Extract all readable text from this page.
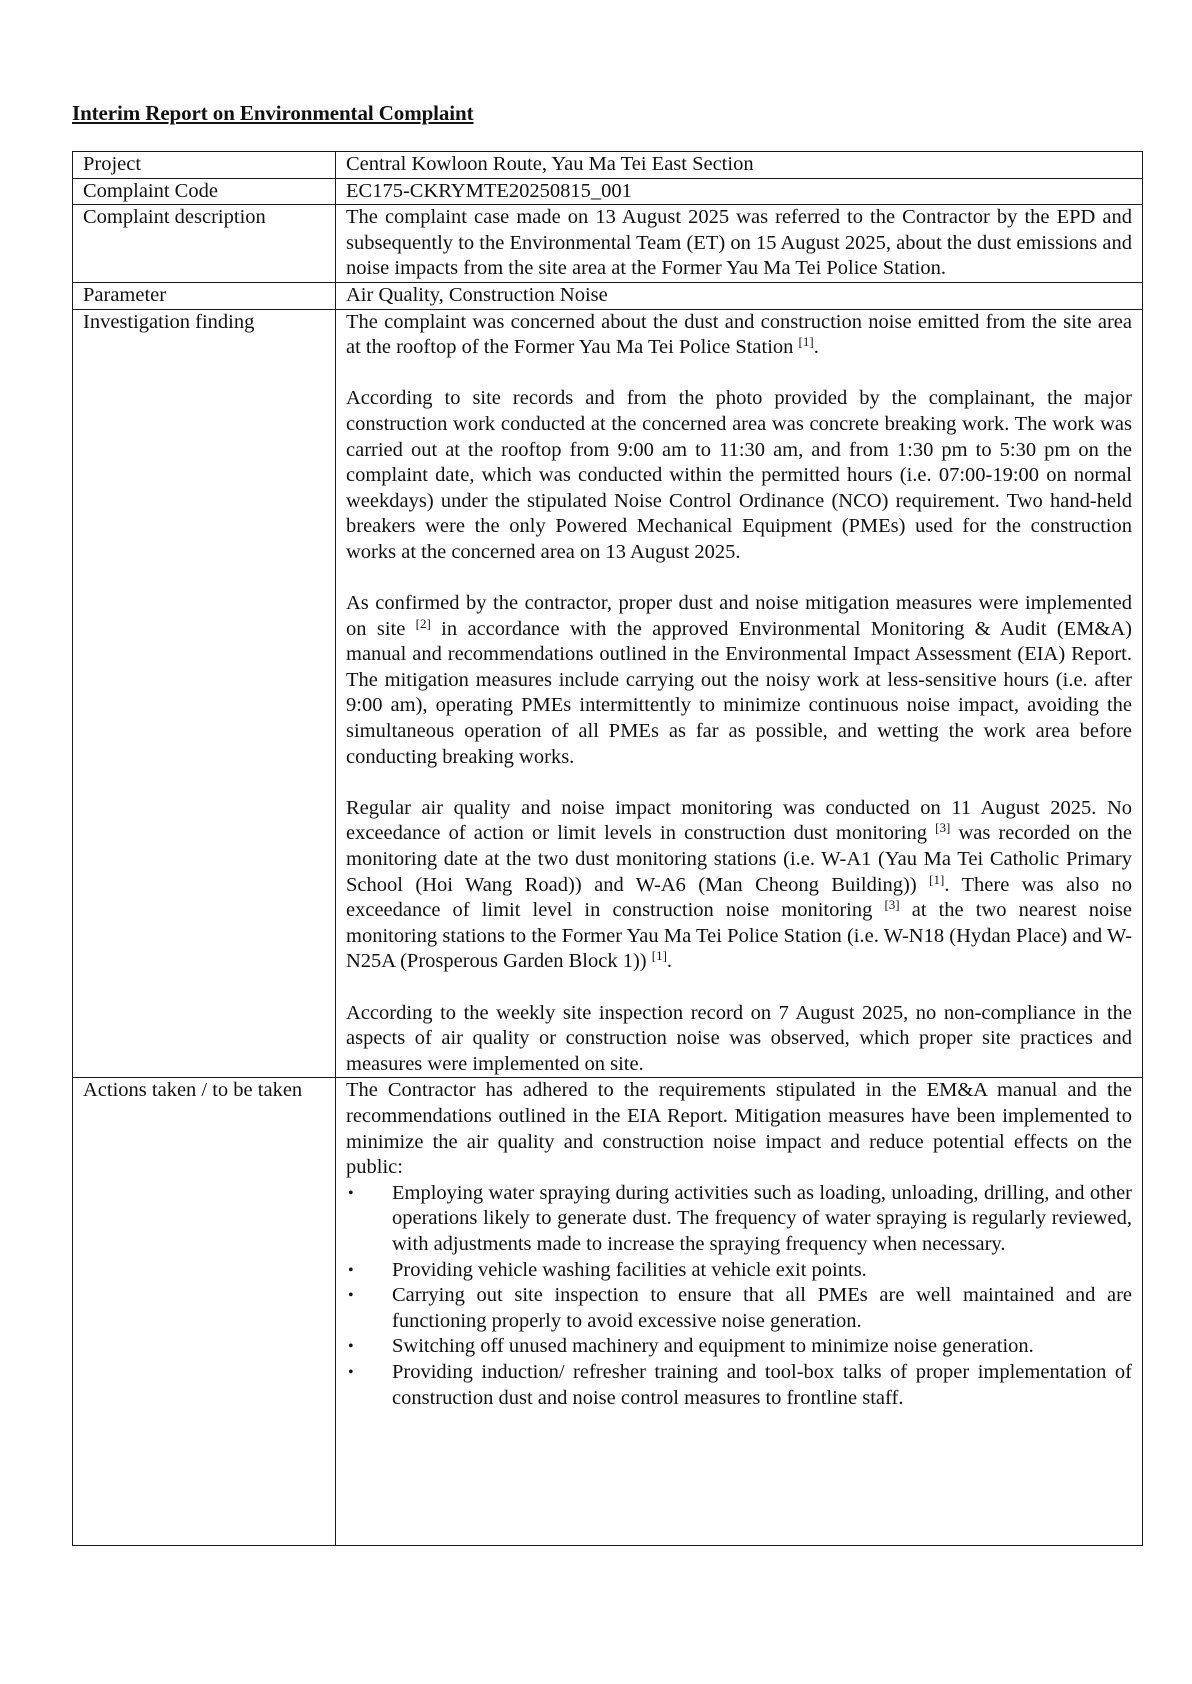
Interim Report on Environmental Complaint
Project	Central Kowloon Route, Yau Ma Tei East Section
Complaint Code	EC175-CKRYMTE20250815_001
Complaint description	The complaint case made on 13 August 2025 was referred to the Contractor by the EPD and subsequently to the Environmental Team (ET) on 15 August 2025, about the dust emissions and noise impacts from the site area at the Former Yau Ma Tei Police Station.

Parameter	Air Quality, Construction Noise
Investigation finding	The complaint was concerned about the dust and construction noise emitted from the site area at the rooftop of the Former Yau Ma Tei Police Station [1].

According to site records and from the photo provided by the complainant, the major construction work conducted at the concerned area was concrete breaking work. The work was carried out at the rooftop from 9:00 am to 11:30 am, and from 1:30 pm to 5:30 pm on the complaint date, which was conducted within the permitted hours (i.e. 07:00-19:00 on normal weekdays) under the stipulated Noise Control Ordinance (NCO) requirement. Two hand-held breakers were the only Powered Mechanical Equipment (PMEs) used for the construction works at the concerned area on 13 August 2025.

As confirmed by the contractor, proper dust and noise mitigation measures were implemented on site [2] in accordance with the approved Environmental Monitoring & Audit (EM&A) manual and recommendations outlined in the Environmental Impact Assessment (EIA) Report. The mitigation measures include carrying out the noisy work at less-sensitive hours (i.e. after 9:00 am), operating PMEs intermittently to minimize continuous noise impact, avoiding the simultaneous operation of all PMEs as far as possible, and wetting the work area before conducting breaking works.

Regular air quality and noise impact monitoring was conducted on 11 August 2025. No exceedance of action or limit levels in construction dust monitoring [3] was recorded on the monitoring date at the two dust monitoring stations (i.e. W-A1 (Yau Ma Tei Catholic Primary School (Hoi Wang Road)) and W-A6 (Man Cheong Building)) [1]. There was also no exceedance of limit level in construction noise monitoring [3] at the two nearest noise monitoring stations to the Former Yau Ma Tei Police Station (i.e. W-N18 (Hydan Place) and W-N25A (Prosperous Garden Block 1)) [1].

According to the weekly site inspection record on 7 August 2025, no non-compliance in the aspects of air quality or construction noise was observed, which proper site practices and measures were implemented on site.

Actions taken / to be taken	The Contractor has adhered to the requirements stipulated in the EM&A manual and the recommendations outlined in the EIA Report. Mitigation measures have been implemented to minimize the air quality and construction noise impact and reduce potential effects on the public:

• Employing water spraying during activities such as loading, unloading, drilling, and other operations likely to generate dust. The frequency of water spraying is regularly reviewed, with adjustments made to increase the spraying frequency when necessary.
• Providing vehicle washing facilities at vehicle exit points.
• Carrying out site inspection to ensure that all PMEs are well maintained and are functioning properly to avoid excessive noise generation.
• Switching off unused machinery and equipment to minimize noise generation.
• Providing induction/ refresher training and tool-box talks of proper implementation of construction dust and noise control measures to frontline staff.
